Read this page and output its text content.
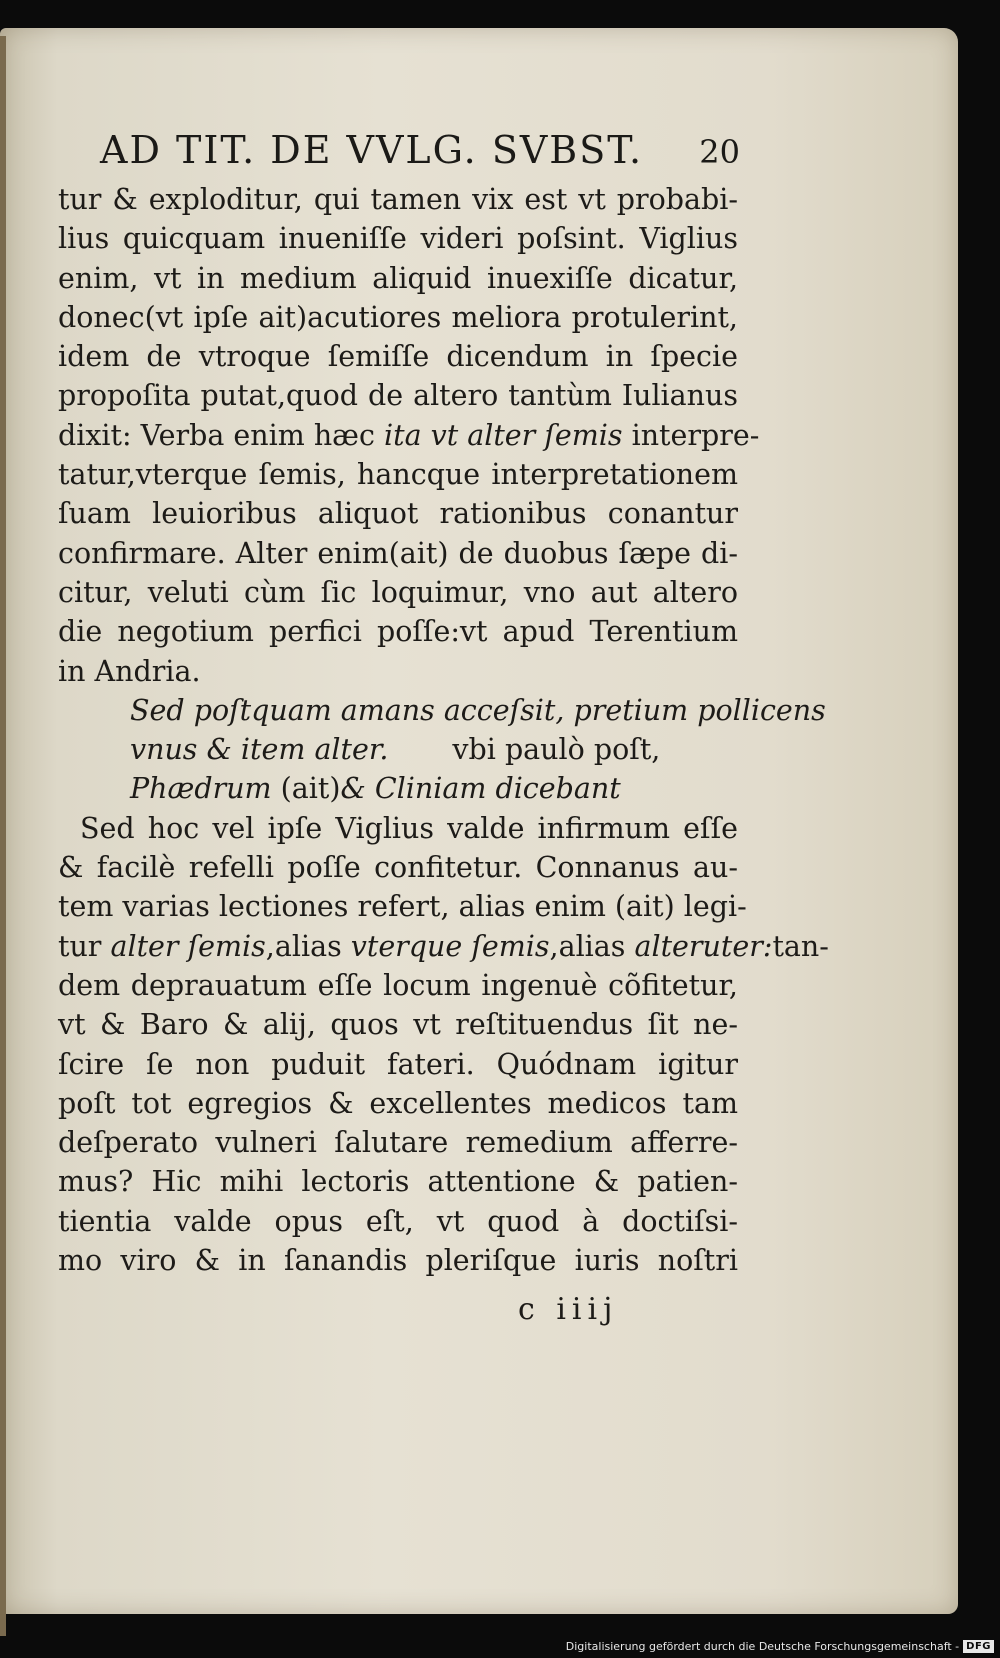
AD TIT. DE VVLG. SVBST. 20
tur & exploditur, qui tamen vix est vt probabi-
lius quicquam inueniſſe videri poſsint. Viglius
enim, vt in medium aliquid inuexiſſe dicatur,
donec(vt ipſe ait)acutiores meliora protulerint,
idem de vtroque ſemiſſe dicendum in ſpecie
propoſita putat,quod de altero tantùm Iulianus
dixit: Verba enim hæc ita vt alter ſemis interpre-
tatur,vterque ſemis, hancque interpretationem
ſuam leuioribus aliquot rationibus conantur
confirmare. Alter enim(ait) de duobus ſæpe di-
citur, veluti cùm ſic loquimur, vno aut altero
die negotium perfici poſſe:vt apud Terentium
in Andria.
Sed poſtquam amans acceſsit, pretium pollicens
vnus & item alter. vbi paulò poſt,
Phædrum (ait)& Cliniam dicebant
Sed hoc vel ipſe Viglius valde infirmum eſſe
& facilè refelli poſſe confitetur. Connanus au-
tem varias lectiones refert, alias enim (ait) legi-
tur alter ſemis,alias vterque ſemis,alias alteruter:tan-
dem deprauatum eſſe locum ingenuè cõfitetur,
vt & Baro & alij, quos vt reſtituendus ſit ne-
ſcire ſe non puduit fateri. Quódnam igitur
poſt tot egregios & excellentes medicos tam
deſperato vulneri ſalutare remedium afferre-
mus? Hic mihi lectoris attentione & patien-
tientia valde opus eſt, vt quod à doctiſsi-
mo viro & in ſanandis pleriſque iuris noſtri
c iiij
Digitalisierung gefördert durch die Deutsche Forschungsgemeinschaft - DFG
